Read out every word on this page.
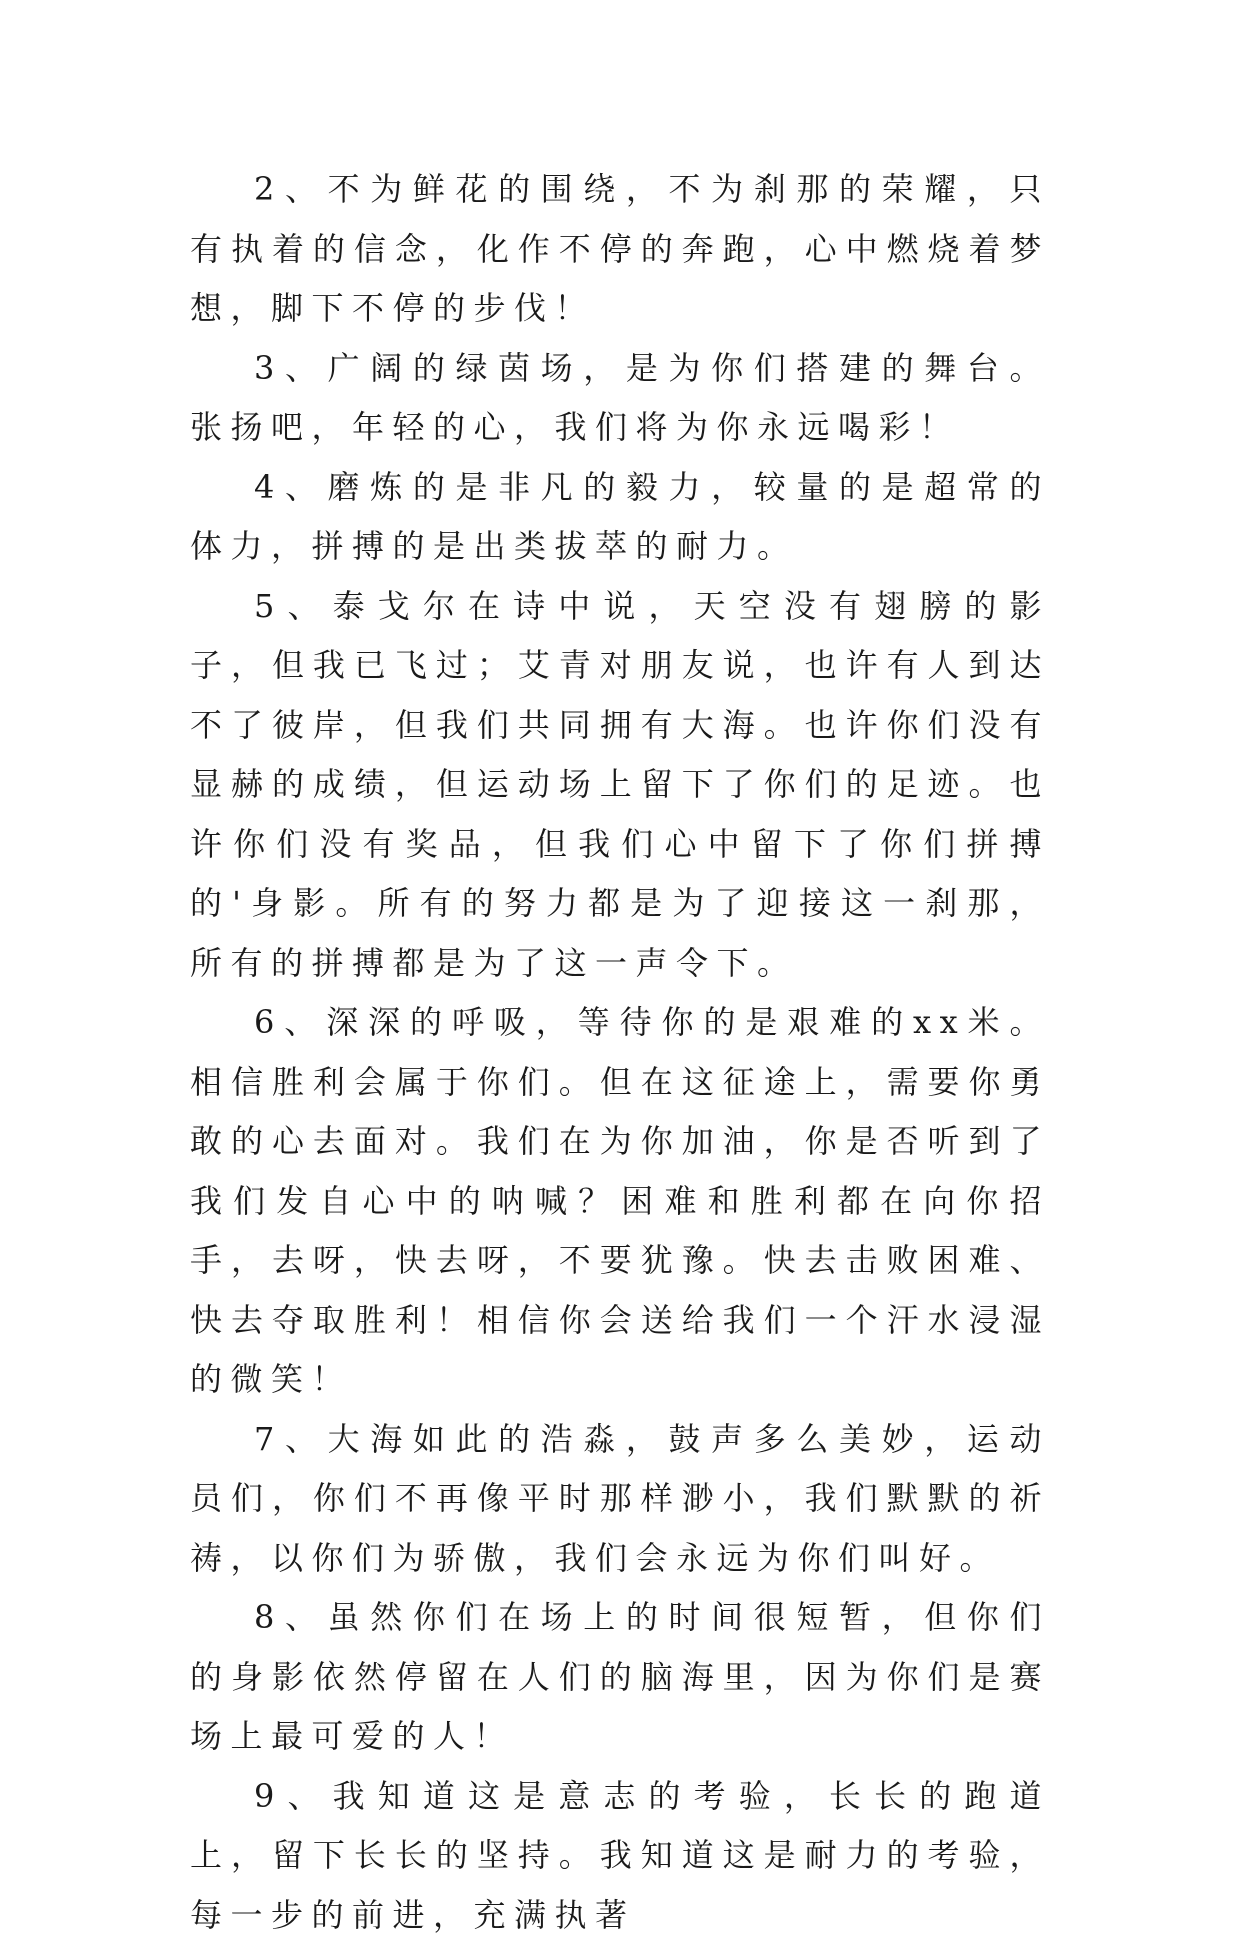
2、不为鲜花的围绕，不为刹那的荣耀，只有执着的信念，化作不停的奔跑，心中燃烧着梦想，脚下不停的步伐！

3、广阔的绿茵场，是为你们搭建的舞台。张扬吧，年轻的心，我们将为你永远喝彩！

4、磨炼的是非凡的毅力，较量的是超常的体力，拼搏的是出类拔萃的耐力。

5、泰戈尔在诗中说，天空没有翅膀的影子，但我已飞过；艾青对朋友说，也许有人到达不了彼岸，但我们共同拥有大海。也许你们没有显赫的成绩，但运动场上留下了你们的足迹。也许你们没有奖品，但我们心中留下了你们拼搏的'身影。所有的努力都是为了迎接这一刹那，所有的拼搏都是为了这一声令下。

6、深深的呼吸，等待你的是艰难的xx米。相信胜利会属于你们。但在这征途上，需要你勇敢的心去面对。我们在为你加油，你是否听到了我们发自心中的呐喊？困难和胜利都在向你招手，去呀，快去呀，不要犹豫。快去击败困难、快去夺取胜利！相信你会送给我们一个汗水浸湿的微笑！

7、大海如此的浩淼，鼓声多么美妙，运动员们，你们不再像平时那样渺小，我们默默的祈祷，以你们为骄傲，我们会永远为你们叫好。

8、虽然你们在场上的时间很短暂，但你们的身影依然停留在人们的脑海里，因为你们是赛场上最可爱的人！

9、我知道这是意志的考验，长长的跑道上，留下长长的坚持。我知道这是耐力的考验，每一步的前进，充满执著
